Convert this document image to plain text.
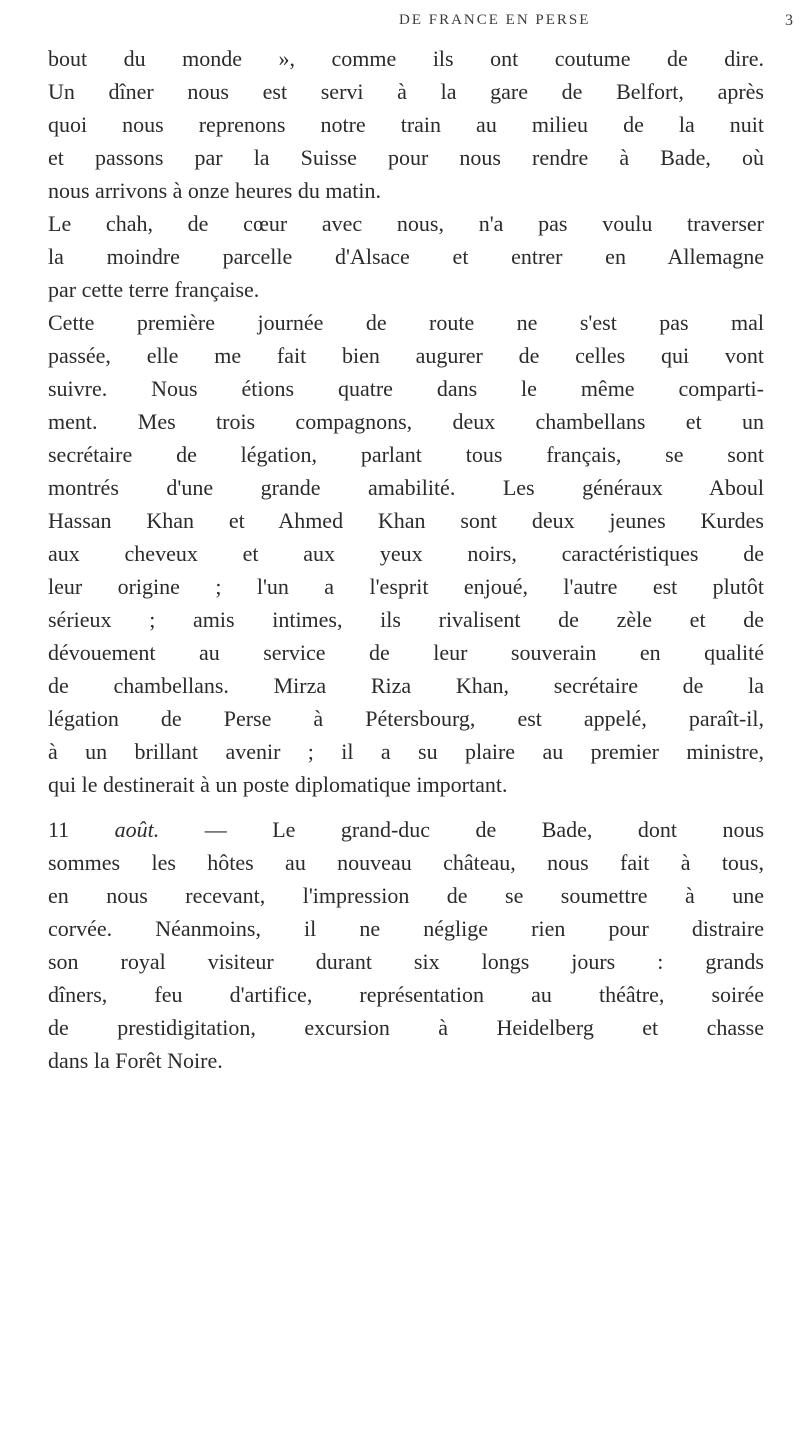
DE FRANCE EN PERSE	3
bout du monde », comme ils ont coutume de dire.
Un dîner nous est servi à la gare de Belfort, après
quoi nous reprenons notre train au milieu de la nuit
et passons par la Suisse pour nous rendre à Bade, où
nous arrivons à onze heures du matin.
Le chah, de cœur avec nous, n'a pas voulu traverser
la moindre parcelle d'Alsace et entrer en Allemagne
par cette terre française.
Cette première journée de route ne s'est pas mal
passée, elle me fait bien augurer de celles qui vont
suivre. Nous étions quatre dans le même comparti-
ment. Mes trois compagnons, deux chambellans et un
secrétaire de légation, parlant tous français, se sont
montrés d'une grande amabilité. Les généraux Aboul
Hassan Khan et Ahmed Khan sont deux jeunes Kurdes
aux cheveux et aux yeux noirs, caractéristiques de
leur origine ; l'un a l'esprit enjoué, l'autre est plutôt
sérieux ; amis intimes, ils rivalisent de zèle et de
dévouement au service de leur souverain en qualité
de chambellans. Mirza Riza Khan, secrétaire de la
légation de Perse à Pétersbourg, est appelé, paraît-il,
à un brillant avenir ; il a su plaire au premier ministre,
qui le destinerait à un poste diplomatique important.
11 août. — Le grand-duc de Bade, dont nous
sommes les hôtes au nouveau château, nous fait à tous,
en nous recevant, l'impression de se soumettre à une
corvée. Néanmoins, il ne néglige rien pour distraire
son royal visiteur durant six longs jours : grands
dîners, feu d'artifice, représentation au théâtre, soirée
de prestidigitation, excursion à Heidelberg et chasse
dans la Forêt Noire.
